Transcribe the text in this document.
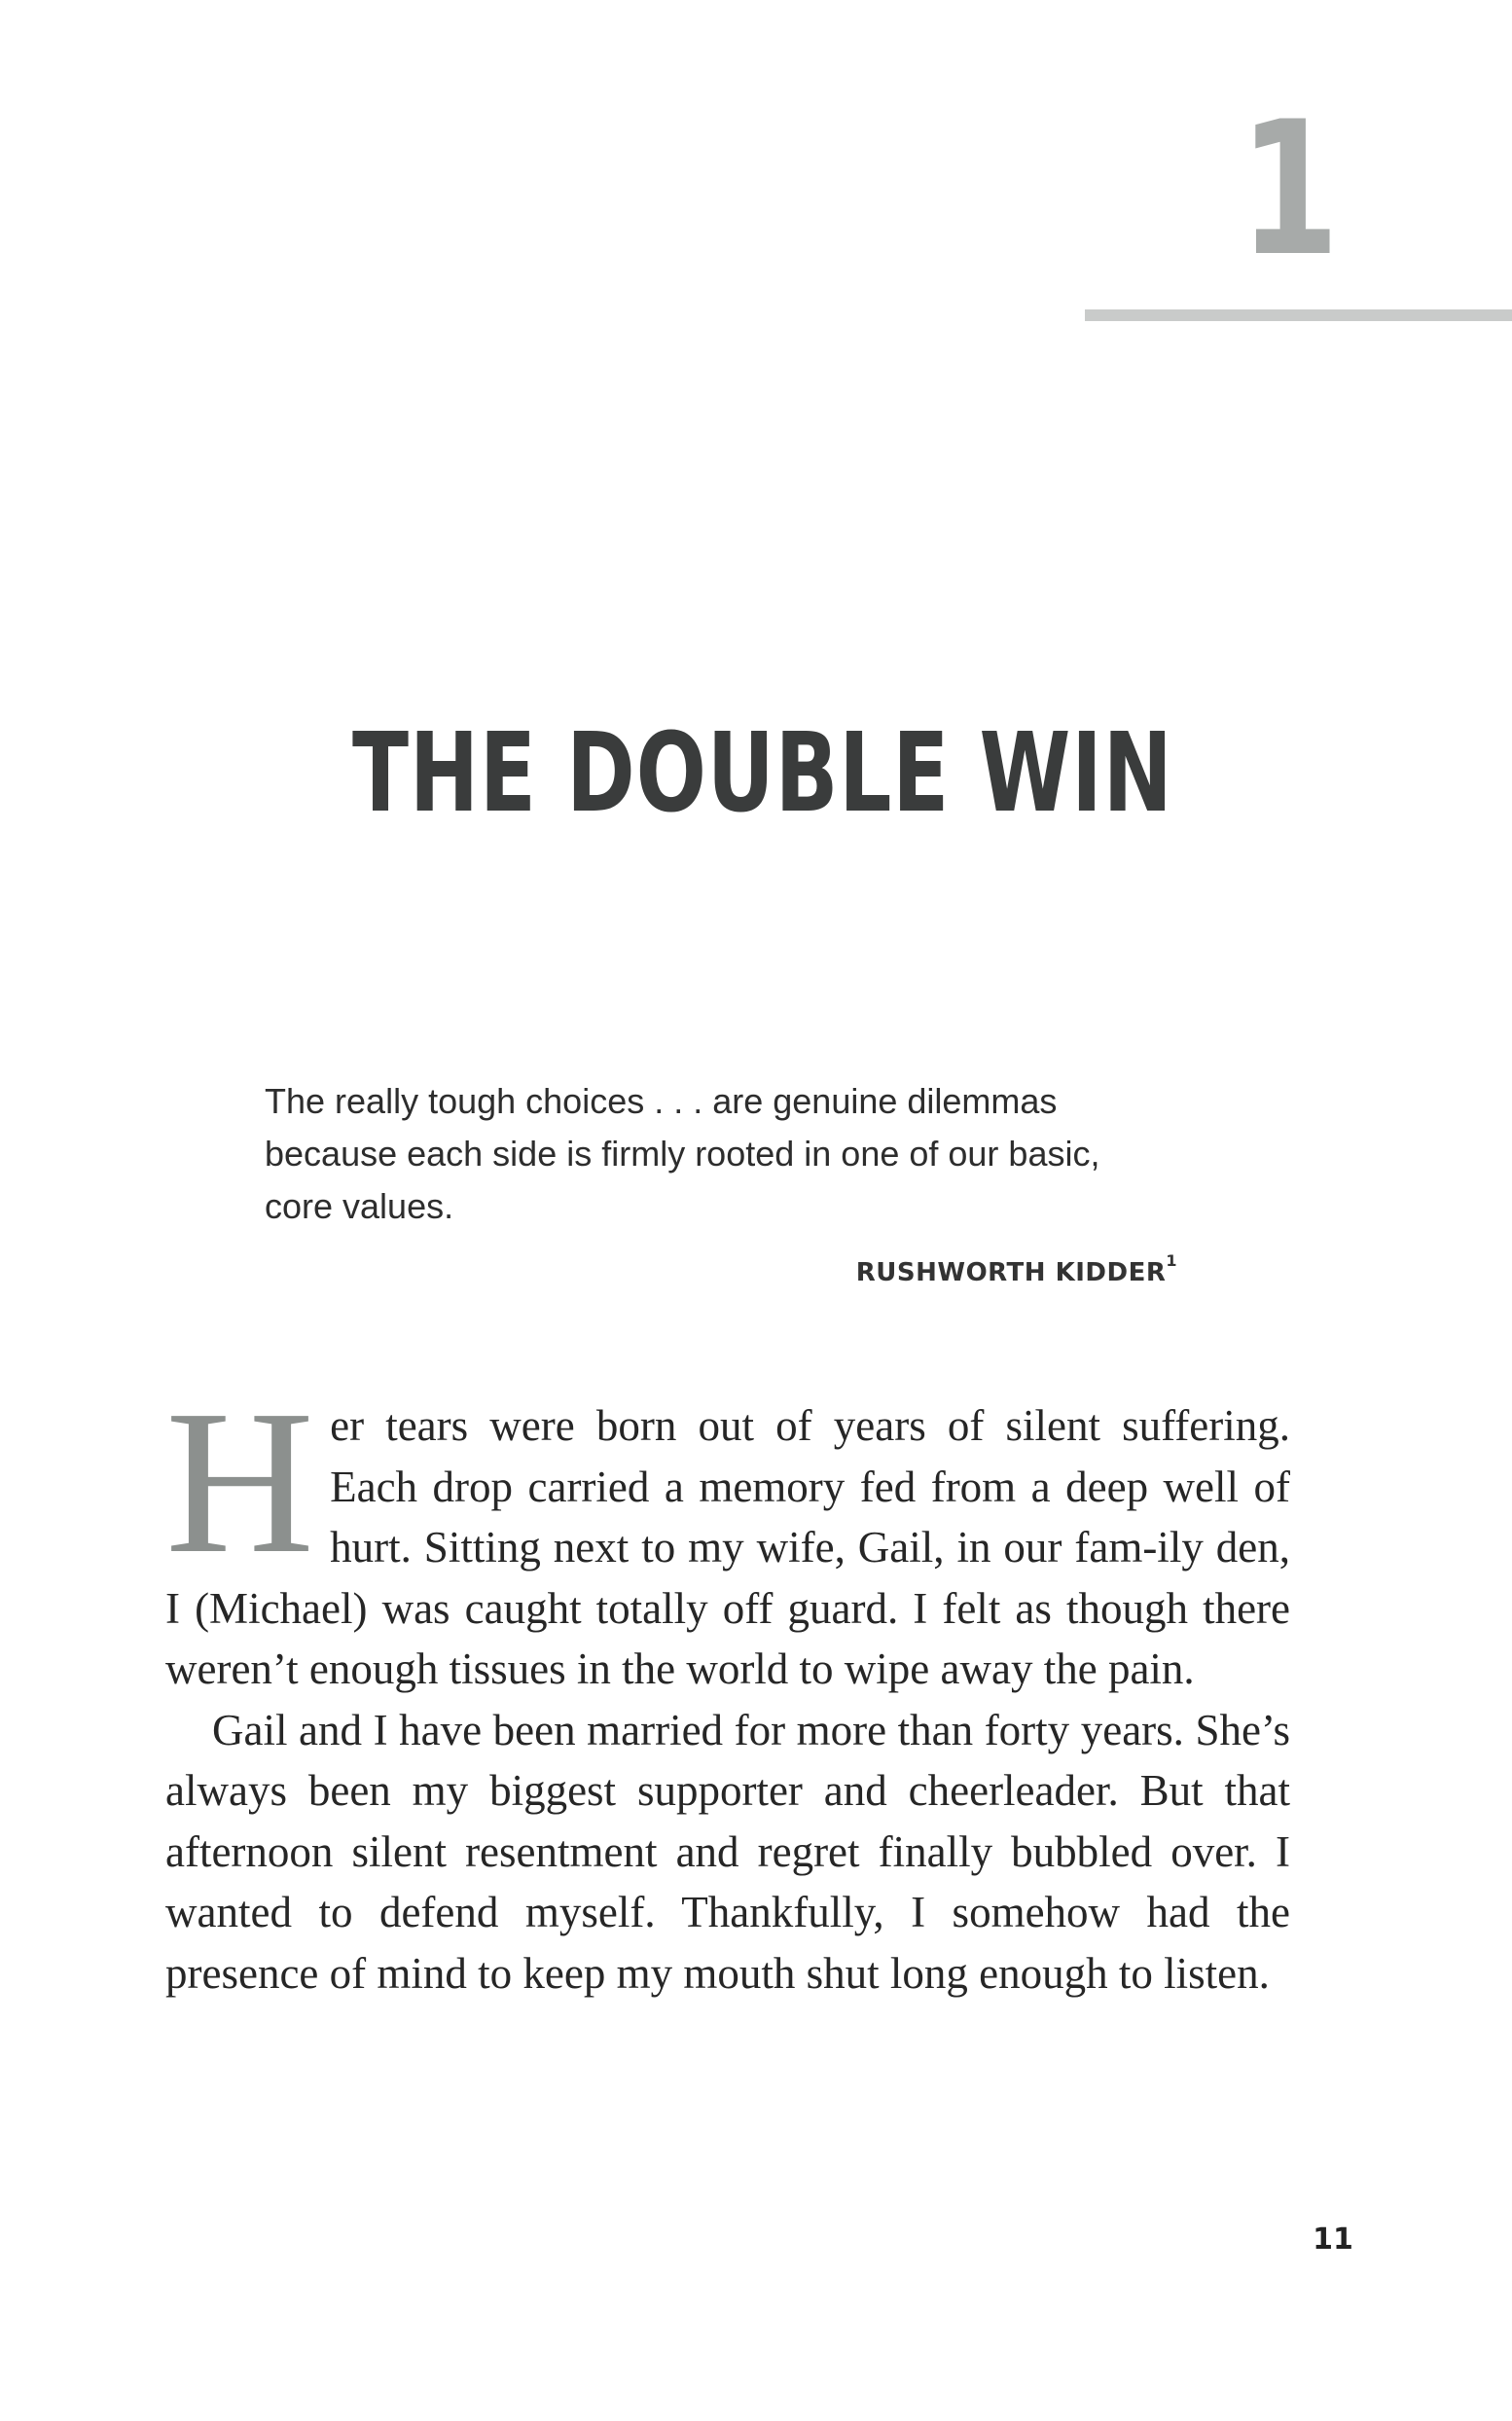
1
THE DOUBLE WIN
The really tough choices . . . are genuine dilemmas
because each side is firmly rooted in one of our basic,
core values.
RUSHWORTH KIDDER$^1$

Her tears were born out of years of silent suffering. Each drop carried a memory fed from a deep well of hurt. Sitting next to my wife, Gail, in our fam-ily den, I (Michael) was caught totally off guard. I felt as though there weren’t enough tissues in the world to wipe away the pain.

Gail and I have been married for more than forty years. She’s always been my biggest supporter and cheerleader. But that afternoon silent resentment and regret finally bubbled over. I wanted to defend myself. Thankfully, I somehow had the presence of mind to keep my mouth shut long enough to listen.

11
